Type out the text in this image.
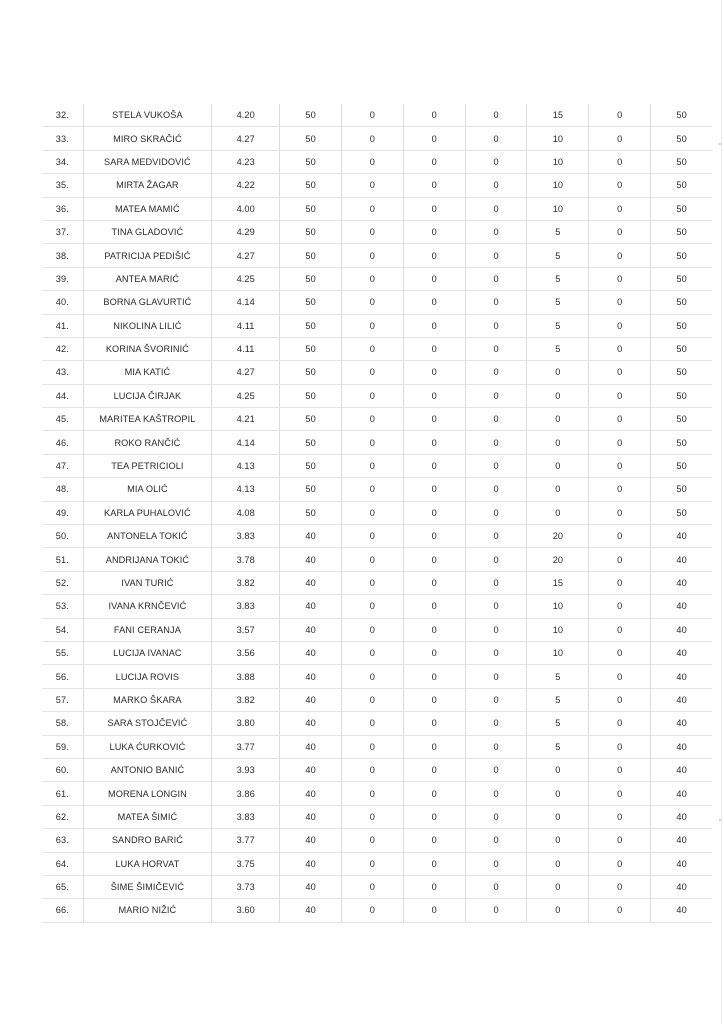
32.	STELA VUKOŠA	4.20	50	0	0	0	15	0	50
33.	MIRO SKRAČIĆ	4.27	50	0	0	0	10	0	50
34.	SARA MEDVIDOVIĆ	4.23	50	0	0	0	10	0	50
35.	MIRTA ŽAGAR	4.22	50	0	0	0	10	0	50
36.	MATEA MAMIĆ	4.00	50	0	0	0	10	0	50
37.	TINA GLADOVIĆ	4.29	50	0	0	0	5	0	50
38.	PATRICIJA PEDIŠIĆ	4.27	50	0	0	0	5	0	50
39.	ANTEA MARIĆ	4.25	50	0	0	0	5	0	50
40.	BORNA GLAVURTIĆ	4.14	50	0	0	0	5	0	50
41.	NIKOLINA LILIĆ	4.11	50	0	0	0	5	0	50
42.	KORINA ŠVORINIĆ	4.11	50	0	0	0	5	0	50
43.	MIA KATIĆ	4.27	50	0	0	0	0	0	50
44.	LUCIJA ČIRJAK	4.25	50	0	0	0	0	0	50
45.	MARITEA KAŠTROPIL	4.21	50	0	0	0	0	0	50
46.	ROKO RANČIĆ	4.14	50	0	0	0	0	0	50
47.	TEA PETRICIOLI	4.13	50	0	0	0	0	0	50
48.	MIA OLIĆ	4.13	50	0	0	0	0	0	50
49.	KARLA PUHALOVIĆ	4.08	50	0	0	0	0	0	50
50.	ANTONELA TOKIĆ	3.83	40	0	0	0	20	0	40
51.	ANDRIJANA TOKIĆ	3.78	40	0	0	0	20	0	40
52.	IVAN TURIĆ	3.82	40	0	0	0	15	0	40
53.	IVANA KRNČEVIĆ	3.83	40	0	0	0	10	0	40
54.	FANI CERANJA	3.57	40	0	0	0	10	0	40
55.	LUCIJA IVANAC	3.56	40	0	0	0	10	0	40
56.	LUCIJA ROVIS	3.88	40	0	0	0	5	0	40
57.	MARKO ŠKARA	3.82	40	0	0	0	5	0	40
58.	SARA STOJČEVIĆ	3.80	40	0	0	0	5	0	40
59.	LUKA ĆURKOVIĆ	3.77	40	0	0	0	5	0	40
60.	ANTONIO BANIĆ	3.93	40	0	0	0	0	0	40
61.	MORENA LONGIN	3.86	40	0	0	0	0	0	40
62.	MATEA ŠIMIĆ	3.83	40	0	0	0	0	0	40
63.	SANDRO BARIĆ	3.77	40	0	0	0	0	0	40
64.	LUKA HORVAT	3.75	40	0	0	0	0	0	40
65.	ŠIME ŠIMIČEVIĆ	3.73	40	0	0	0	0	0	40
66.	MARIO NIŽIĆ	3.60	40	0	0	0	0	0	40
